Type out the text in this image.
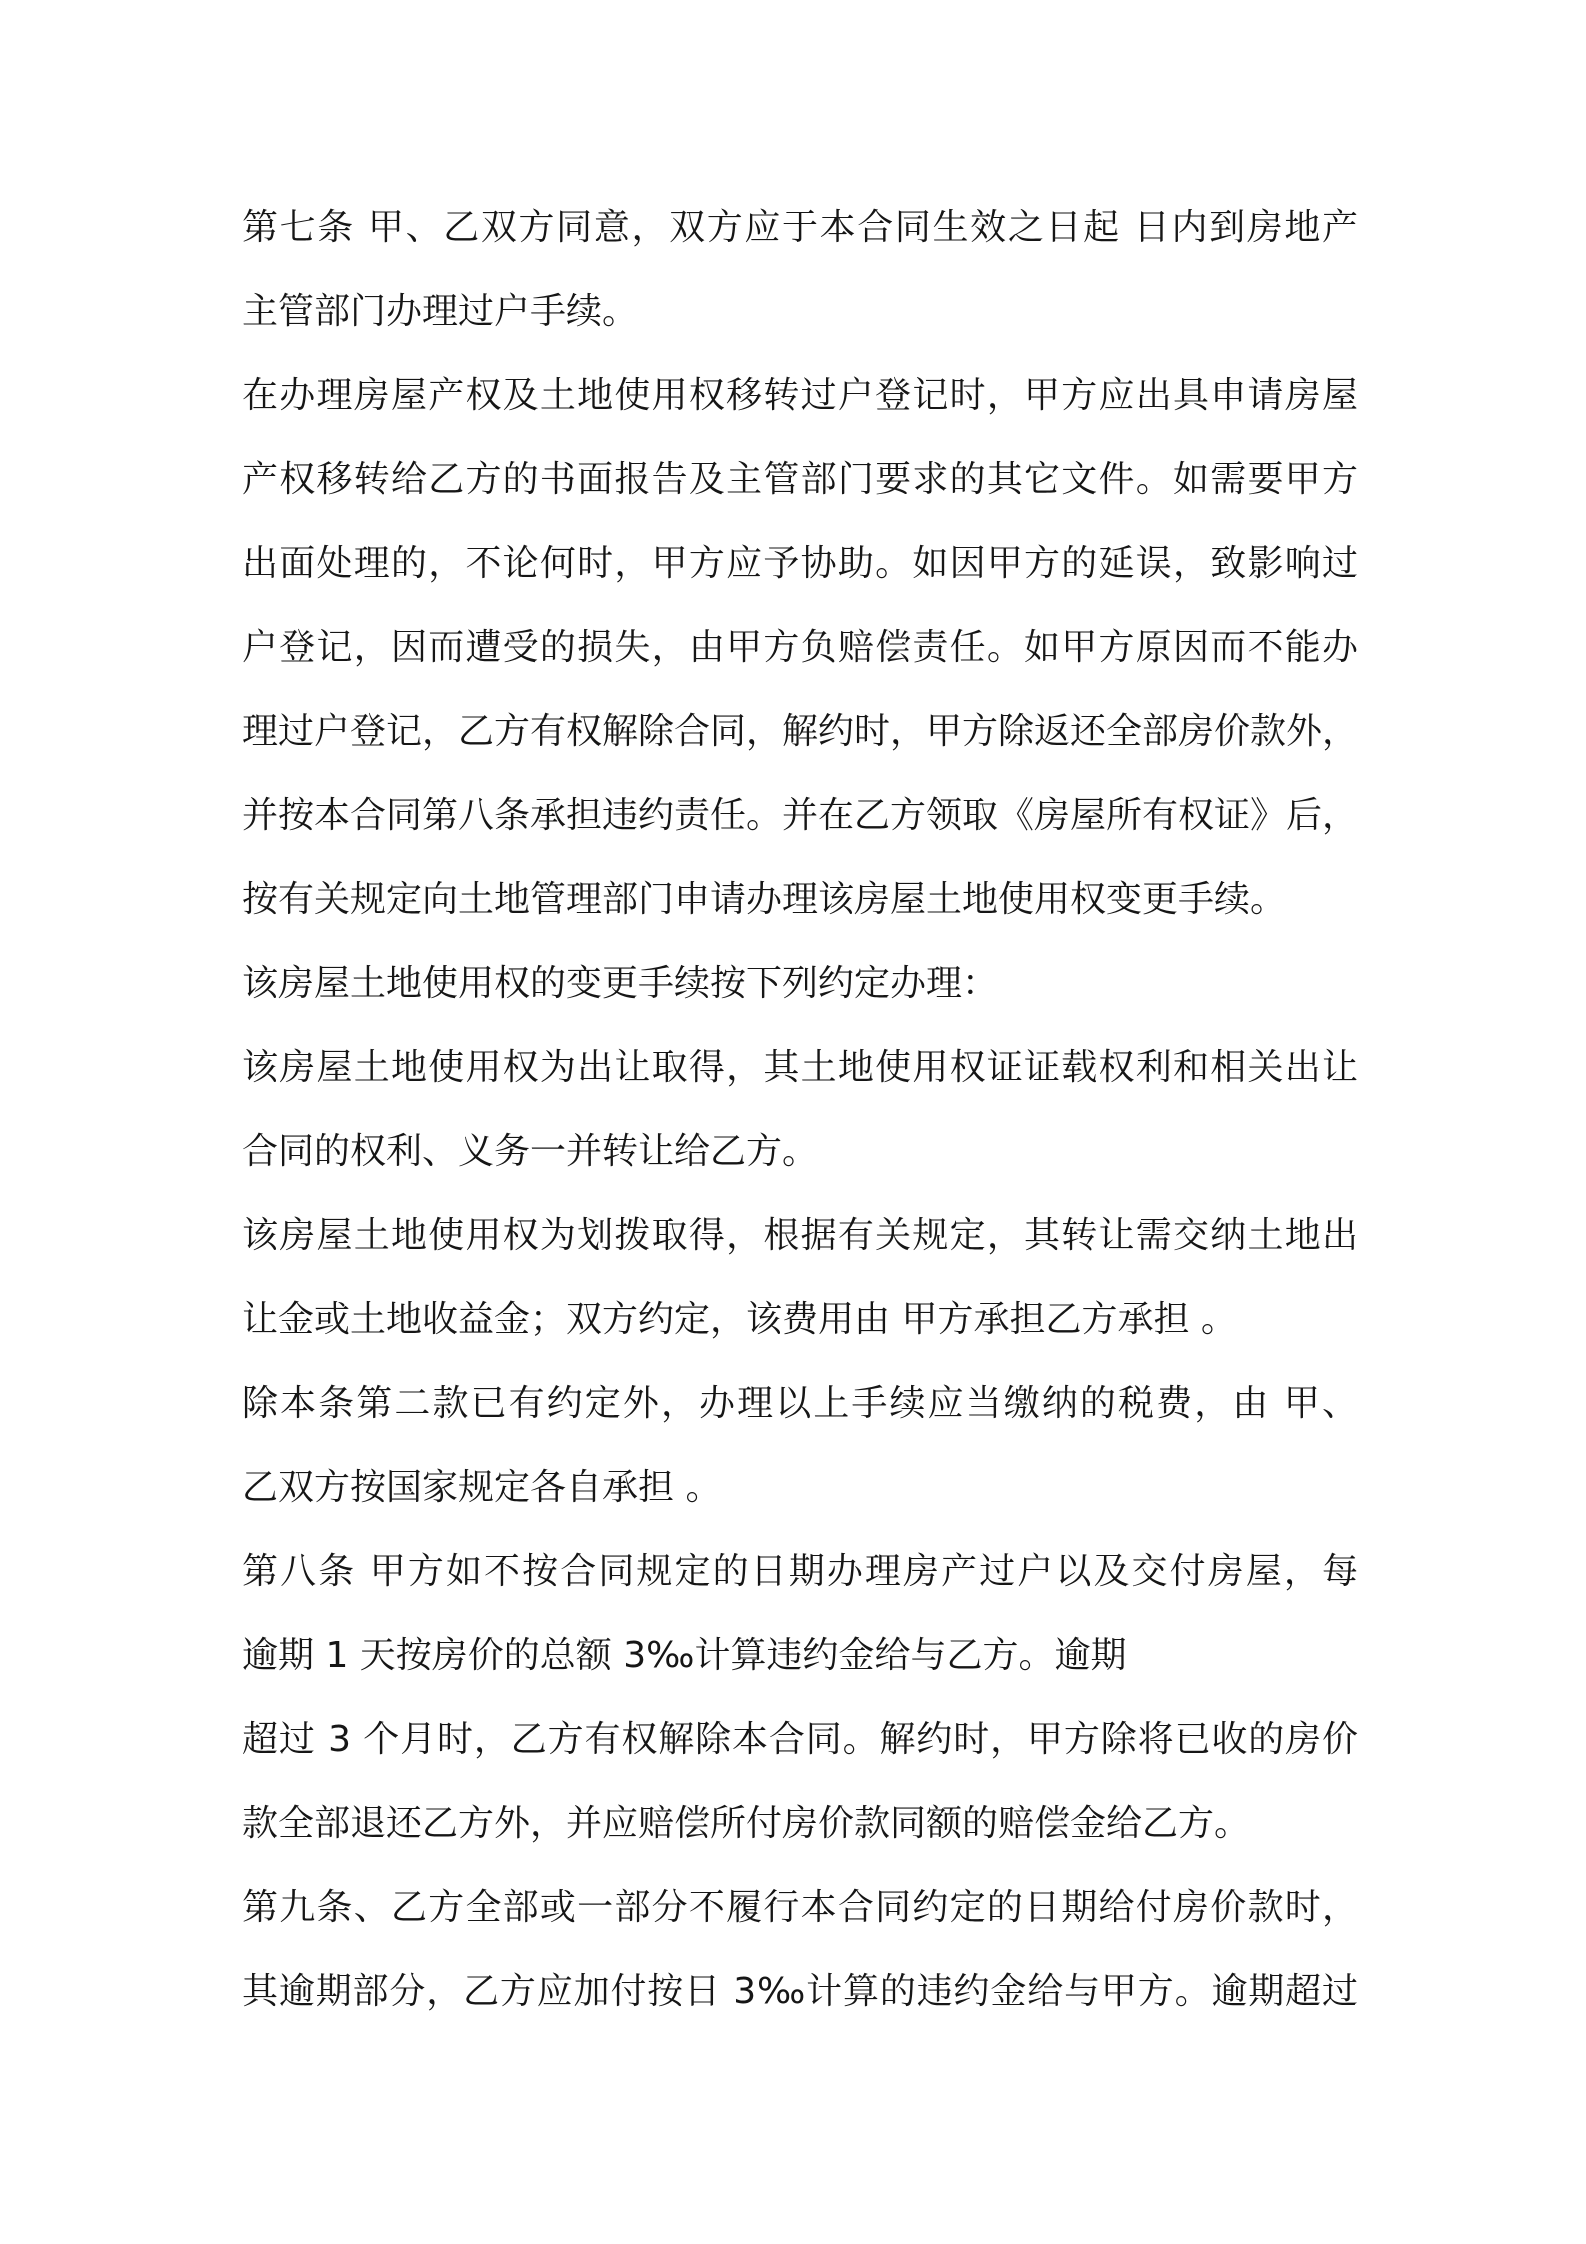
第七条 甲、乙双方同意，双方应于本合同生效之日起 日内到房地产
主管部门办理过户手续。
在办理房屋产权及土地使用权移转过户登记时，甲方应出具申请房屋
产权移转给乙方的书面报告及主管部门要求的其它文件。如需要甲方
出面处理的，不论何时，甲方应予协助。如因甲方的延误，致影响过
户登记，因而遭受的损失，由甲方负赔偿责任。如甲方原因而不能办
理过户登记，乙方有权解除合同，解约时，甲方除返还全部房价款外，
并按本合同第八条承担违约责任。并在乙方领取《房屋所有权证》后，
按有关规定向土地管理部门申请办理该房屋土地使用权变更手续。
该房屋土地使用权的变更手续按下列约定办理：
该房屋土地使用权为出让取得，其土地使用权证证载权利和相关出让
合同的权利、义务一并转让给乙方。
该房屋土地使用权为划拨取得，根据有关规定，其转让需交纳土地出
让金或土地收益金；双方约定，该费用由 甲方承担乙方承担 。
除本条第二款已有约定外，办理以上手续应当缴纳的税费，由 甲、
乙双方按国家规定各自承担 。
第八条 甲方如不按合同规定的日期办理房产过户以及交付房屋，每
逾期 1 天按房价的总额 3‰计算违约金给与乙方。逾期
超过 3 个月时，乙方有权解除本合同。解约时，甲方除将已收的房价
款全部退还乙方外，并应赔偿所付房价款同额的赔偿金给乙方。
第九条、乙方全部或一部分不履行本合同约定的日期给付房价款时，
其逾期部分，乙方应加付按日 3‰计算的违约金给与甲方。逾期超过
